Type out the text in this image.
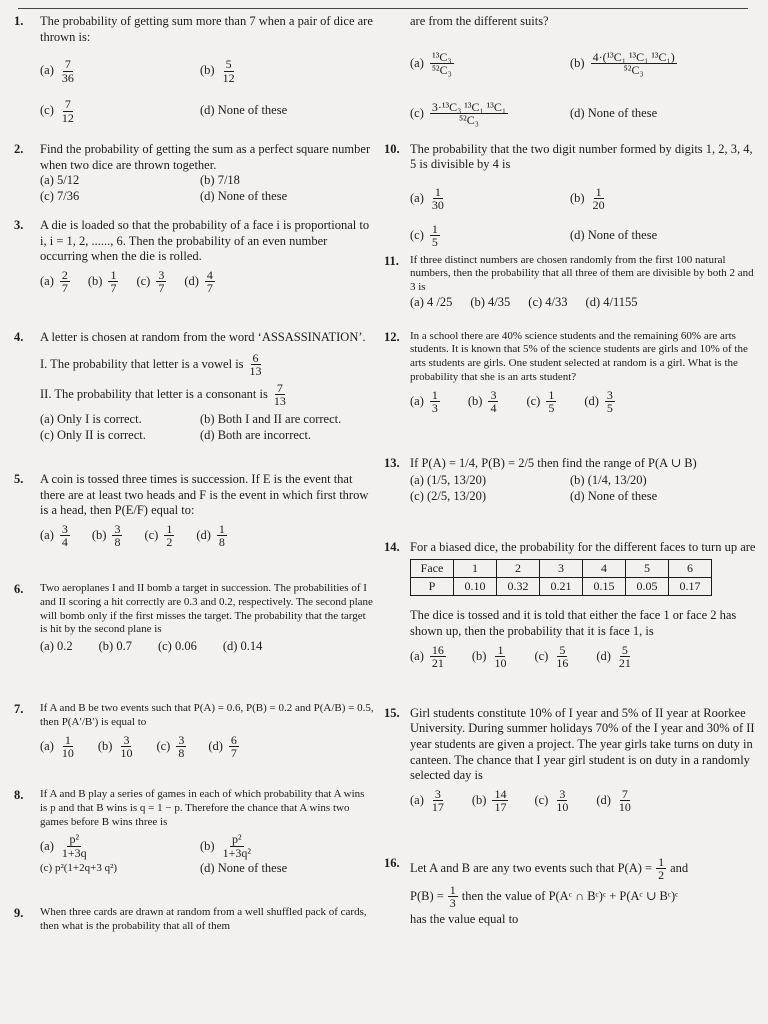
1.	The probability of getting sum more than 7 when a pair of dice are thrown is:
(a) 7
36
(b) 5
12
(c) 7
12
(d) None of these
2.	Find the probability of getting the sum as a perfect square number when two dice are thrown together.
(a) 5/12	(b) 7/18
(c) 7/36	(d) None of these
3.	A die is loaded so that the probability of a face i is proportional to i, i = 1, 2, ......, 6. Then the probability of an even number occurring when the die is rolled.
(a) 2
7
(b) 1
7
(c) 3
7
(d) 4
7
4.	A letter is chosen at random from the word ‘ASSASSINATION’.
I. The probability that letter is a vowel is 6
13
II. The probability that letter is a consonant is 7
13
(a) Only I is correct.	(b) Both I and II are correct.
(c) Only II is correct.	(d) Both are incorrect.
5.	A coin is tossed three times is succession. If E is the event that there are at least two heads and F is the event in which first throw is a head, then P(E/F) equal to:
(a) 3
4
(b) 3
8
(c) 1
2
(d) 1
8
6.	Two aeroplanes I and II bomb a target in succession. The probabilities of I and II scoring a hit correctly are 0.3 and 0.2, respectively. The second plane will bomb only if the first misses the target. The probability that the target is hit by the second plane is
(a) 0.2 (b) 0.7 (c) 0.06 (d) 0.14
7.	If A and B be two events such that P(A) = 0.6, P(B) = 0.2 and P(A/B) = 0.5, then P(A′/B′) is equal to
(a) 1
10
(b) 3
10
(c) 3
8
(d) 6
7
8.	If A and B play a series of games in each of which probability that A wins is p and that B wins is q = 1 − p. Therefore the chance that A wins two games before B wins three is
(a) p²
1+3q
(b) p²
1+3q²
(c) p²(1+2q+3 q²)	(d) None of these
9.	When three cards are drawn at random from a well shuffled pack of cards, then what is the probability that all of them
are from the different suits?
(a) ¹³C₃
⁵²C₃
(b) 4·(¹³C₁ ¹³C₁ ¹³C₁)
⁵²C₃
(c) 3·¹³C₃ ¹³C₁ ¹³C₁
⁵²C₃
(d) None of these
10. The probability that the two digit number formed by digits 1, 2, 3, 4, 5 is divisible by 4 is
(a) 1
30
(b) 1
20
(c) 1
5
(d) None of these
11.	If three distinct numbers are chosen randomly from the first 100 natural numbers, then the probability that all three of them are divisible by both 2 and 3 is
(a) 4 /25 (b) 4/35 (c) 4/33 (d) 4/1155
12. In a school there are 40% science students and the remaining 60% are arts students. It is known that 5% of the science students are girls and 10% of the arts students are girls. One student selected at random is a girl. What is the probability that she is an arts student?
(a) 1
3
(b) 3
4
(c) 1
5
(d) 3
5
13. If P(A) = 1/4, P(B) = 2/5 then find the range of P(A ∪ B)
(a) (1/5, 13/20)	(b) (1/4, 13/20)
(c) (2/5, 13/20)	(d) None of these
14. For a biased dice, the probability for the different faces to turn up are
Face	1	2	3	4	5	6
P	0.10	0.32	0.21	0.15	0.05	0.17
The dice is tossed and it is told that either the face 1 or face 2 has shown up, then the probability that it is face 1, is
(a) 16
21
(b) 1
10
(c) 5
16
(d) 5
21
15. Girl students constitute 10% of I year and 5% of II year at Roorkee University. During summer holidays 70% of the I year and 30% of II year students are given a project. The year girls take turns on duty in canteen. The chance that I year girl student is on duty in a randomly selected day is
(a) 3
17
(b) 14
17
(c) 3
10
(d) 7
10
16. Let A and B are any two events such that $P(A) = \frac{1}{2}$ and
$P(B) = \frac{1}{3}$ then the value of P(Aᶜ ∩ Bᶜ)ᶜ + P(Aᶜ ∪ Bᶜ)ᶜ
has the value equal to
